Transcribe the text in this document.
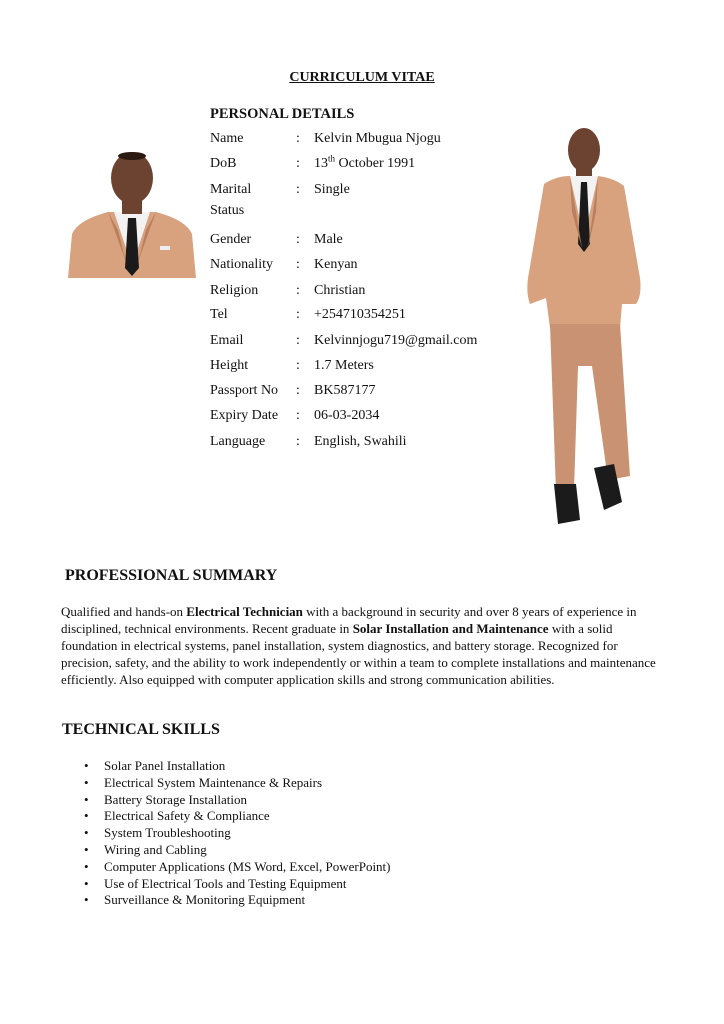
CURRICULUM VITAE
PERSONAL DETAILS
Name	: Kelvin Mbugua Njogu
DoB	: 13th October 1991
Marital
Status
: Single
Gender	: Male
Nationality	: Kenyan
Religion	: Christian
Tel	: +254710354251
Email	: Kelvinnjogu719@gmail.com
Height	: 1.7 Meters
Passport No	: BK587177
Expiry Date	: 06-03-2034
Language	: English, Swahili
PROFESSIONAL SUMMARY

Qualified and hands-on Electrical Technician with a background in security and over 8 years of experience in disciplined, technical environments. Recent graduate in Solar Installation and Maintenance with a solid foundation in electrical systems, panel installation, system diagnostics, and battery storage. Recognized for precision, safety, and the ability to work independently or within a team to complete installations and maintenance efficiently. Also equipped with computer application skills and strong communication abilities.

TECHNICAL SKILLS
• Solar Panel Installation
• Electrical System Maintenance & Repairs
• Battery Storage Installation
• Electrical Safety & Compliance
• System Troubleshooting
• Wiring and Cabling
• Computer Applications (MS Word, Excel, PowerPoint)
• Use of Electrical Tools and Testing Equipment
• Surveillance & Monitoring Equipment
